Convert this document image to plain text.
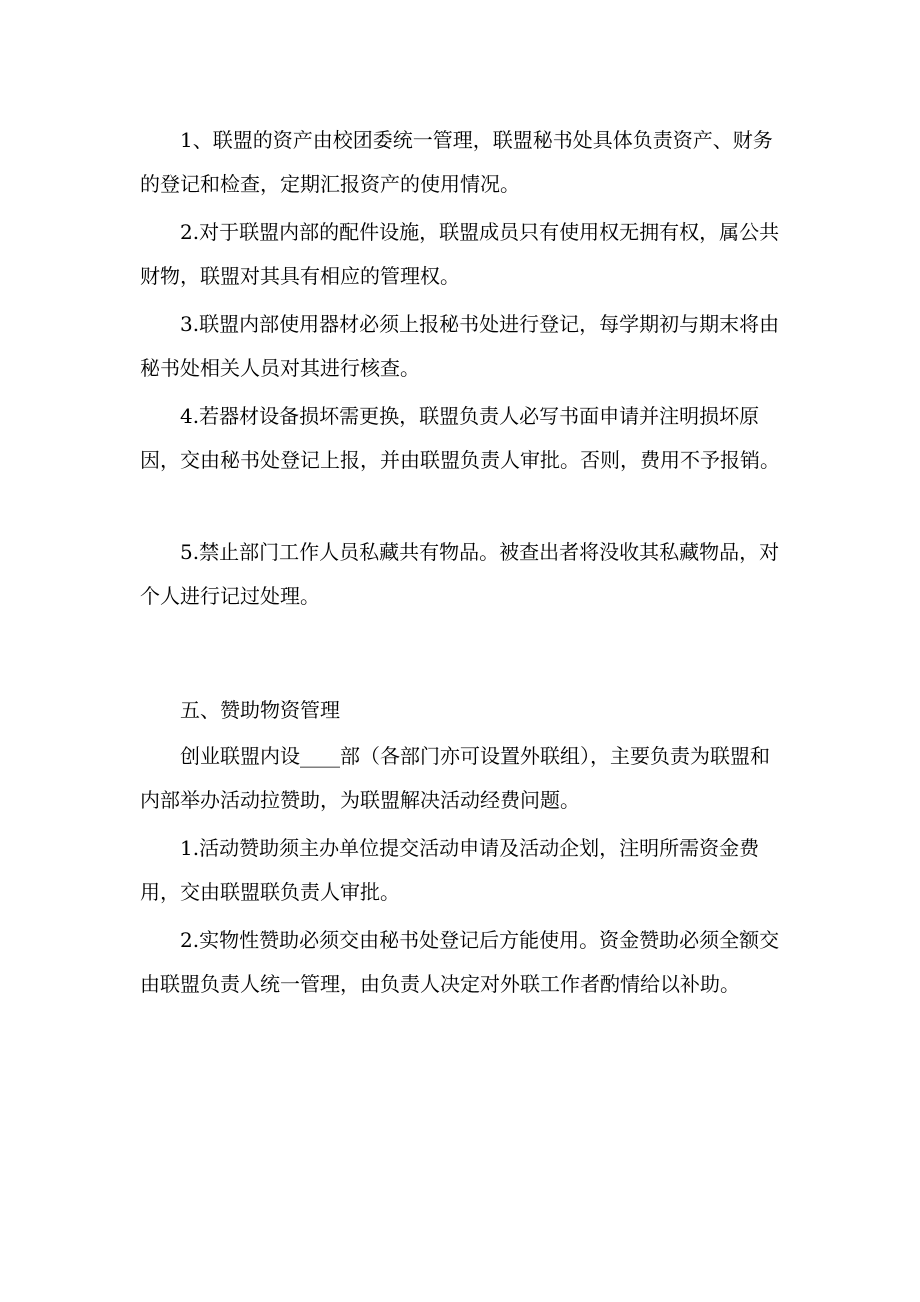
1、联盟的资产由校团委统一管理，联盟秘书处具体负责资产、财务的登记和检查，定期汇报资产的使用情况。

2.对于联盟内部的配件设施，联盟成员只有使用权无拥有权，属公共财物，联盟对其具有相应的管理权。

3.联盟内部使用器材必须上报秘书处进行登记，每学期初与期末将由秘书处相关人员对其进行核查。

4.若器材设备损坏需更换，联盟负责人必写书面申请并注明损坏原因，交由秘书处登记上报，并由联盟负责人审批。否则，费用不予报销。

5.禁止部门工作人员私藏共有物品。被查出者将没收其私藏物品，对个人进行记过处理。

五、赞助物资管理

创业联盟内设____部（各部门亦可设置外联组），主要负责为联盟和内部举办活动拉赞助，为联盟解决活动经费问题。

1.活动赞助须主办单位提交活动申请及活动企划，注明所需资金费用，交由联盟联负责人审批。

2.实物性赞助必须交由秘书处登记后方能使用。资金赞助必须全额交由联盟负责人统一管理，由负责人决定对外联工作者酌情给以补助。
